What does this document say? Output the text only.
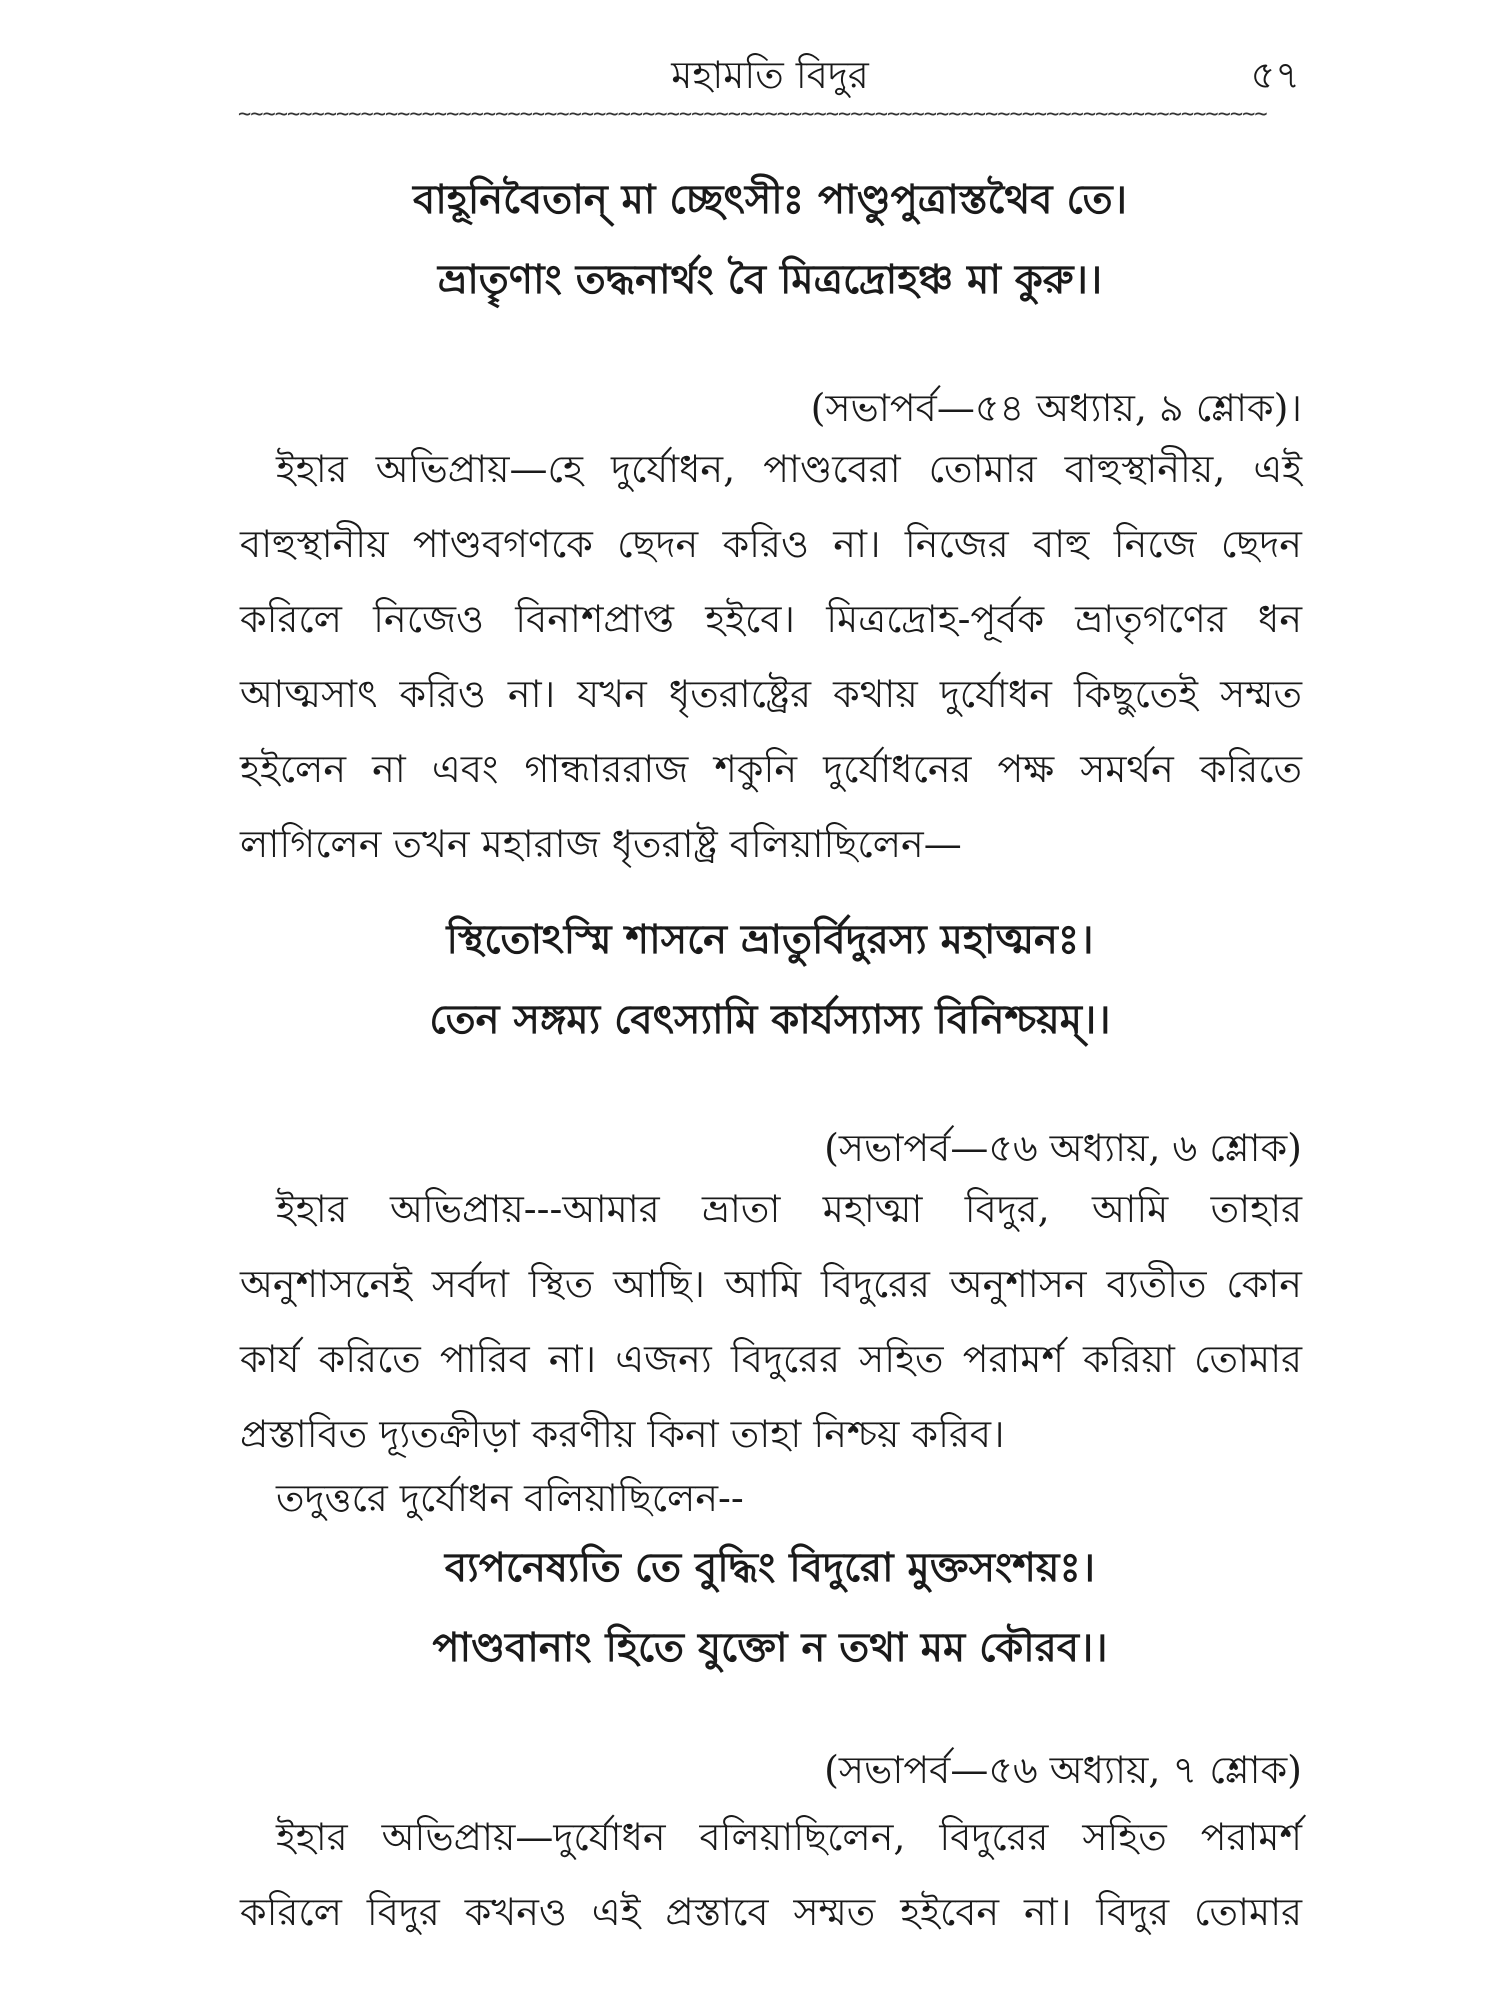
মহামতি বিদুর	৫৭
~~~~~~~~~~~~~~~~~~~~~~~~~~~~~~~~~~~~~~~~~~~~~~~~~~~~~~~~~~~~~~~~~~~~~~~~~~~~~~~~~~~~
বাহূনিবৈতান্ মা চ্ছেৎসীঃ পাণ্ডুপুত্রাস্তথৈব তে।
ভ্রাতৄণাং তদ্ধনার্থং বৈ মিত্রদ্রোহঞ্চ মা কুরু।।
(সভাপর্ব—৫৪ অধ্যায়, ৯ শ্লোক)।
ইহার অভিপ্রায়—হে দুর্যোধন, পাণ্ডবেরা তোমার বাহুস্থানীয়, এই
বাহুস্থানীয় পাণ্ডবগণকে ছেদন করিও না। নিজের বাহু নিজে ছেদন
করিলে নিজেও বিনাশপ্রাপ্ত হইবে। মিত্রদ্রোহ-পূর্বক ভ্রাতৃগণের ধন
আত্মসাৎ করিও না। যখন ধৃতরাষ্ট্রের কথায় দুর্যোধন কিছুতেই সম্মত
হইলেন না এবং গান্ধাররাজ শকুনি দুর্যোধনের পক্ষ সমর্থন করিতে
লাগিলেন তখন মহারাজ ধৃতরাষ্ট্র বলিয়াছিলেন—
স্থিতোঽস্মি শাসনে ভ্রাতুর্বিদুরস্য মহাত্মনঃ।
তেন সঙ্গম্য বেৎস্যামি কার্যস্যাস্য বিনিশ্চয়ম্।।
(সভাপর্ব—৫৬ অধ্যায়, ৬ শ্লোক)
ইহার অভিপ্রায়---আমার ভ্রাতা মহাত্মা বিদুর, আমি তাহার
অনুশাসনেই সর্বদা স্থিত আছি। আমি বিদুরের অনুশাসন ব্যতীত কোন
কার্য করিতে পারিব না। এজন্য বিদুরের সহিত পরামর্শ করিয়া তোমার
প্রস্তাবিত দ্যূতক্রীড়া করণীয় কিনা তাহা নিশ্চয় করিব।
তদুত্তরে দুর্যোধন বলিয়াছিলেন--
ব্যপনেষ্যতি তে বুদ্ধিং বিদুরো মুক্তসংশয়ঃ।
পাণ্ডবানাং হিতে যুক্তো ন তথা মম কৌরব।।
(সভাপর্ব—৫৬ অধ্যায়, ৭ শ্লোক)
ইহার অভিপ্রায়—দুর্যোধন বলিয়াছিলেন, বিদুরের সহিত পরামর্শ
করিলে বিদুর কখনও এই প্রস্তাবে সম্মত হইবেন না। বিদুর তোমার
